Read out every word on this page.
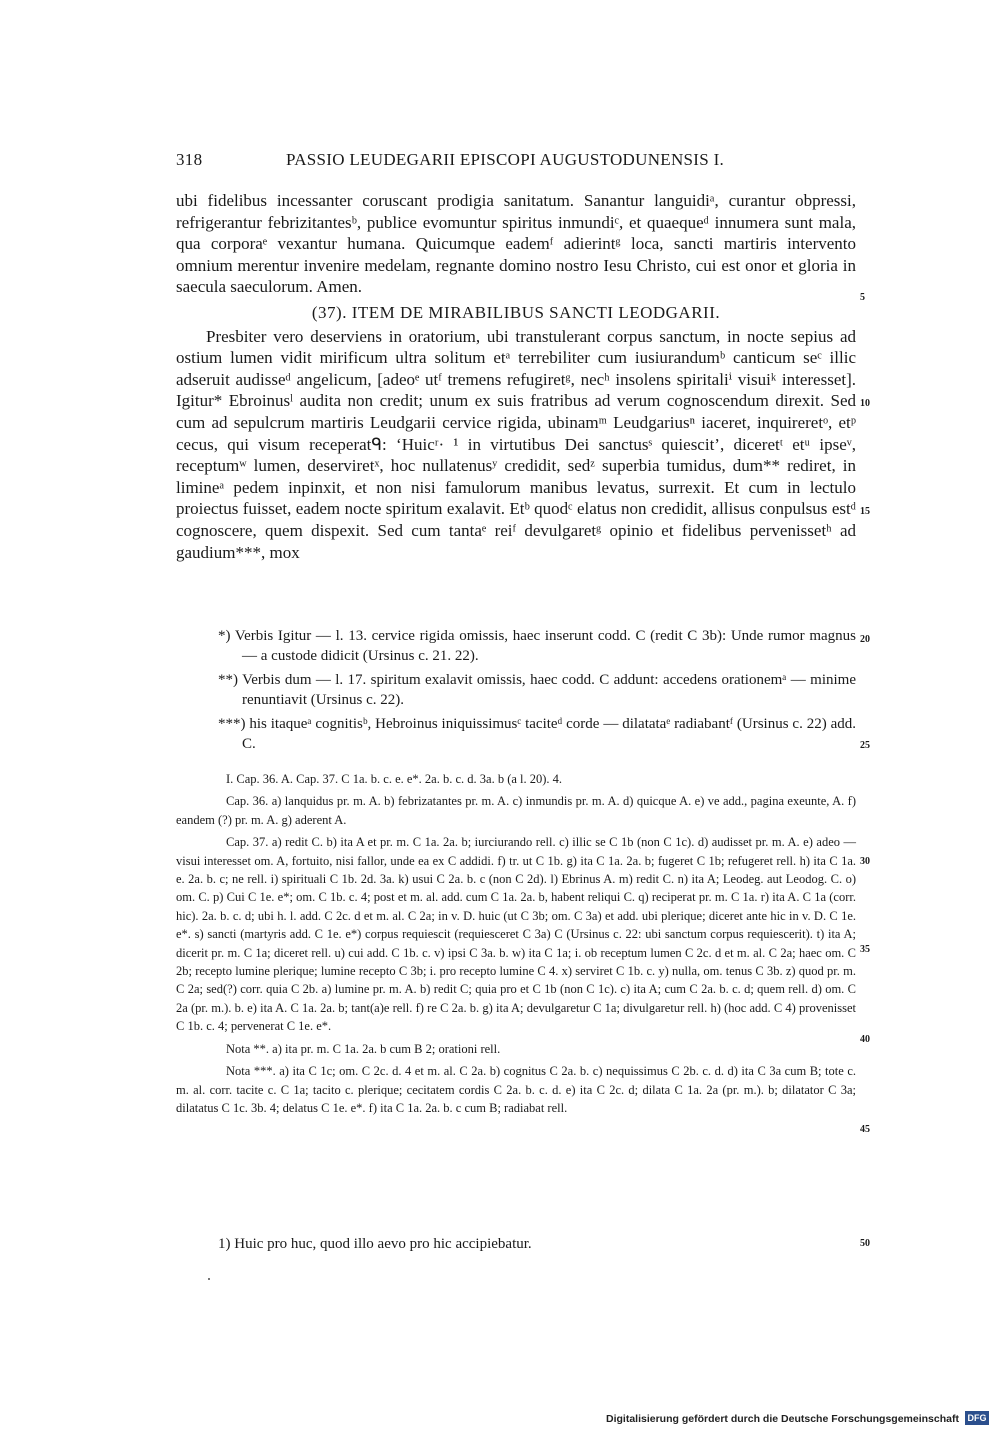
318	PASSIO LEUDEGARII EPISCOPI AUGUSTODUNENSIS I.

ubi fidelibus incessanter coruscant prodigia sanitatum. Sanantur languidiᵃ, curantur obpressi, refrigerantur febrizitantesᵇ, publice evomuntur spiritus inmundiᶜ, et quaequeᵈ innumera sunt mala, qua corporaᵉ vexantur humana. Quicumque eademᶠ adierintᵍ loca, sancti martiris intervento omnium merentur invenire medelam, regnante domino nostro Iesu Christo, cui est onor et gloria in saecula saeculorum. Amen.

(37). ITEM DE MIRABILIBUS SANCTI LEODGARII.

Presbiter vero deserviens in oratorium, ubi transtulerant corpus sanctum, in nocte sepius ad ostium lumen vidit mirificum ultra solitum etᵃ terrebiliter cum iusiurandumᵇ canticum seᶜ illic adseruit audisseᵈ angelicum, [adeoᵉ utᶠ tremens refugiretᵍ, necʰ insolens spiritaliⁱ visuiᵏ interesset]. Igitur* Ebroinusˡ audita non credit; unum ex suis fratribus ad verum cognoscendum direxit. Sed cum ad sepulcrum martiris Leudgarii cervice rigida, ubinamᵐ Leudgariusⁿ iaceret, inquireretᵒ, etᵖ cecus, qui visum receperatᑫ: ‘Huicʳ· ¹ in virtutibus Dei sanctusˢ quiescit’, diceretᵗ etᵘ ipseᵛ, receptumʷ lumen, deserviretˣ, hoc nullatenusʸ credidit, sedᶻ superbia tumidus, dum** rediret, in limineᵃ pedem inpinxit, et non nisi famulorum manibus levatus, surrexit. Et cum in lectulo proiectus fuisset, eadem nocte spiritum exalavit. Etᵇ quodᶜ elatus non credidit, allisus conpulsus estᵈ cognoscere, quem dispexit. Sed cum tantaᵉ reiᶠ devulgaretᵍ opinio et fidelibus pervenissetʰ ad gaudium***, mox

5
10
15
20
25
30
35
40
45
50

*) Verbis Igitur — l. 13. cervice rigida omissis, haec inserunt codd. C (redit C 3b): Unde rumor magnus — a custode didicit (Ursinus c. 21. 22).

**) Verbis dum — l. 17. spiritum exalavit omissis, haec codd. C addunt: accedens orationemᵃ — minime renuntiavit (Ursinus c. 22).

***) his itaqueᵃ cognitisᵇ, Hebroinus iniquissimusᶜ taciteᵈ corde — dilatataᵉ radiabantᶠ (Ursinus c. 22) add. C.

I. Cap. 36. A. Cap. 37. C 1a. b. c. e. e*. 2a. b. c. d. 3a. b (a l. 20). 4.

Cap. 36. a) lanquidus pr. m. A. b) febrizatantes pr. m. A. c) inmundis pr. m. A. d) quicque A. e) ve add., pagina exeunte, A. f) eandem (?) pr. m. A. g) aderent A.

Cap. 37. a) redit C. b) ita A et pr. m. C 1a. 2a. b; iurciurando rell. c) illic se C 1b (non C 1c). d) audisset pr. m. A. e) adeo — visui interesset om. A, fortuito, nisi fallor, unde ea ex C addidi. f) tr. ut C 1b. g) ita C 1a. 2a. b; fugeret C 1b; refugeret rell. h) ita C 1a. e. 2a. b. c; ne rell. i) spirituali C 1b. 2d. 3a. k) usui C 2a. b. c (non C 2d). l) Ebrinus A. m) redit C. n) ita A; Leodeg. aut Leodog. C. o) om. C. p) Cui C 1e. e*; om. C 1b. c. 4; post et m. al. add. cum C 1a. 2a. b, habent reliqui C. q) reciperat pr. m. C 1a. r) ita A. C 1a (corr. hic). 2a. b. c. d; ubi h. l. add. C 2c. d et m. al. C 2a; in v. D. huic (ut C 3b; om. C 3a) et add. ubi plerique; diceret ante hic in v. D. C 1e. e*. s) sancti (martyris add. C 1e. e*) corpus requiescit (requiesceret C 3a) C (Ursinus c. 22: ubi sanctum corpus requiescerit). t) ita A; dicerit pr. m. C 1a; diceret rell. u) cui add. C 1b. c. v) ipsi C 3a. b. w) ita C 1a; i. ob receptum lumen C 2c. d et m. al. C 2a; haec om. C 2b; recepto lumine plerique; lumine recepto C 3b; i. pro recepto lumine C 4. x) serviret C 1b. c. y) nulla, om. tenus C 3b. z) quod pr. m. C 2a; sed(?) corr. quia C 2b. a) lumine pr. m. A. b) redit C; quia pro et C 1b (non C 1c). c) ita A; cum C 2a. b. c. d; quem rell. d) om. C 2a (pr. m.). b. e) ita A. C 1a. 2a. b; tant(a)e rell. f) re C 2a. b. g) ita A; devulgaretur C 1a; divulgaretur rell. h) (hoc add. C 4) provenisset C 1b. c. 4; pervenerat C 1e. e*.

Nota **. a) ita pr. m. C 1a. 2a. b cum B 2; orationi rell.

Nota ***. a) ita C 1c; om. C 2c. d. 4 et m. al. C 2a. b) cognitus C 2a. b. c) nequissimus C 2b. c. d. d) ita C 3a cum B; tote c. m. al. corr. tacite c. C 1a; tacito c. plerique; cecitatem cordis C 2a. b. c. d. e) ita C 2c. d; dilata C 1a. 2a (pr. m.). b; dilatator C 3a; dilatatus C 1c. 3b. 4; delatus C 1e. e*. f) ita C 1a. 2a. b. c cum B; radiabat rell.

1) Huic pro huc, quod illo aevo pro hic accipiebatur.
Digitalisierung gefördert durch die Deutsche Forschungsgemeinschaft DFG
